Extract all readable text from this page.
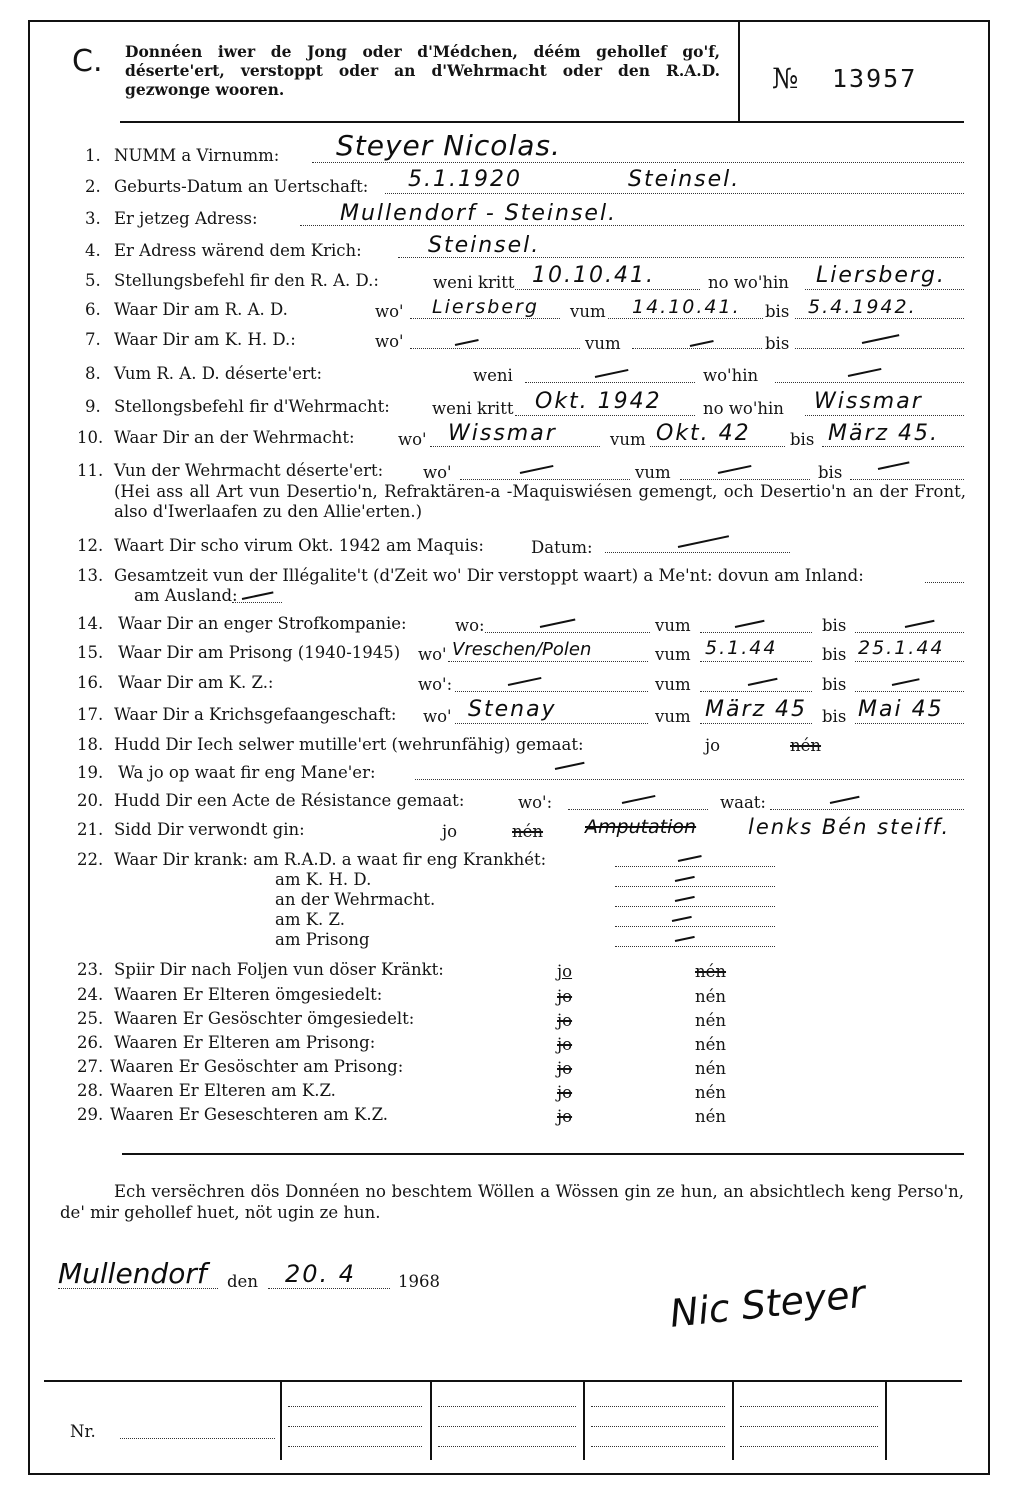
C. Donnéen iwer de Jong oder d'Médchen, déém gehollef go'f, déserte'ert, verstoppt oder an d'Wehrmacht oder den R.A.D. gezwonge wooren.	№ 13957
1. NUMM a Virnumm: Steyer Nicolas.
2. Geburts-Datum an Uertschaft: 5.1.1920	Steinsel.
3. Er jetzeg Adress:	Mullendorf - Steinsel.
4. Er Adress wärend dem Krich:	Steinsel.
5. Stellungsbefehl fir den R. A. D.:	weni kritt 10.10.41.	no wo'hin Liersberg.
6. Waar Dir am R. A. D.	wo' Liersberg vum 14.10.41. bis 5.4.1942.
7. Waar Dir am K. H. D.:	wo'	vum	bis
8. Vum R. A. D. déserte'ert:	weni	wo'hin
9. Stellongsbefehl fir d'Wehrmacht:	weni kritt Okt. 1942	no wo'hin Wissmar
10. Waar Dir an der Wehrmacht:	wo' Wissmar	vum Okt. 42 bis März 45.
11. Vun der Wehrmacht déserte'ert: wo'	vum	bis
(Hei ass all Art vun Desertio'n, Refraktären-a -Maquiswiésen gemengt, och Desertio'n an der Front, also d'Iwerlaafen zu den Allie'erten.)
12. Waart Dir scho virum Okt. 1942 am Maquis:	Datum:
13. Gesamtzeit vun der Illégalite't (d'Zeit wo' Dir verstoppt waart) a Me'nt: dovun am Inland:
am Ausland:
14. Waar Dir an enger Strofkompanie:	wo:	vum	bis
15. Waar Dir am Prisong (1940-1945) wo' Vreschen/Polen	vum 5.1.44	bis 25.1.44
16. Waar Dir am K. Z.:	wo':	vum	bis
17. Waar Dir a Krichsgefaangeschaft: wo' Stenay	vum März 45 bis Mai 45
18. Hudd Dir Iech selwer mutille'ert (wehrunfähig) gemaat:	jo	nén
19. Wa jo op waat fir eng Mane'er:
20. Hudd Dir een Acte de Résistance gemaat:	wo':	waat:
21. Sidd Dir verwondt gin:	jo	nén Amputation lenks Bén steiff.
22. Waar Dir krank: am R.A.D. a waat fir eng Krankhét:
am K. H. D.
an der Wehrmacht.
am K. Z.
am Prisong
23. Spiir Dir nach Foljen vun döser Kränkt:	jo	nén
24. Waaren Er Elteren ömgesiedelt:	jo	nén
25. Waaren Er Gesöschter ömgesiedelt:	jo	nén
26. Waaren Er Elteren am Prisong:	jo	nén
27. Waaren Er Gesöschter am Prisong:	jo	nén
28. Waaren Er Elteren am K.Z.	jo	nén
29. Waaren Er Geseschteren am K.Z.	jo	nén
Ech versëchren dös Donnéen no beschtem Wöllen a Wössen gin ze hun, an absichtlech keng Perso'n, de' mir gehollef huet, nöt ugin ze hun.
Mullendorf den 20. 4	1968	Nic Steyer
Nr.
